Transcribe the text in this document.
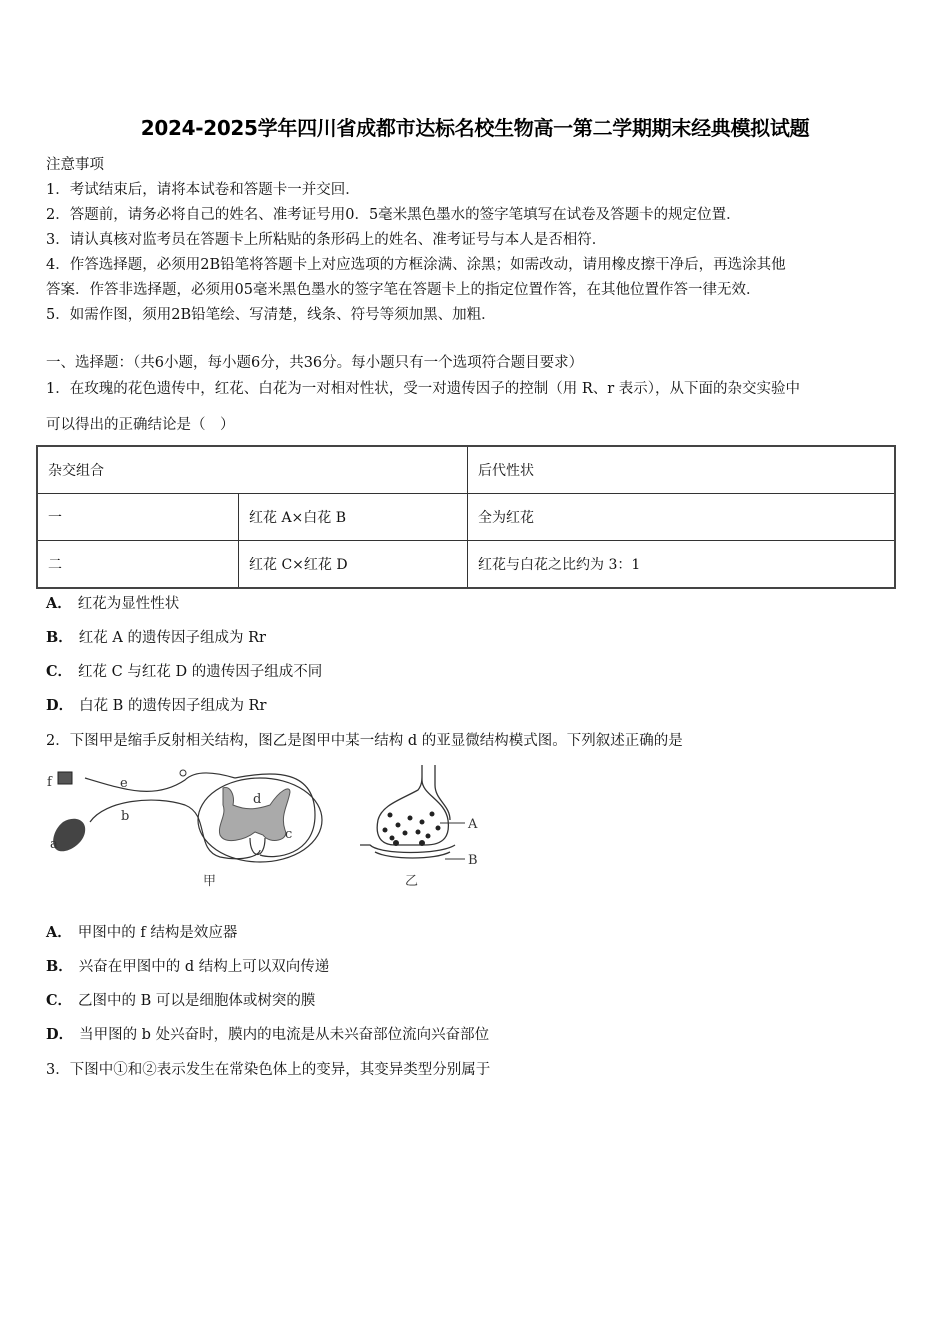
2024-2025学年四川省成都市达标名校生物高一第二学期期末经典模拟试题
注意事项
1．考试结束后，请将本试卷和答题卡一并交回．
2．答题前，请务必将自己的姓名、准考证号用0．5毫米黑色墨水的签字笔填写在试卷及答题卡的规定位置．
3．请认真核对监考员在答题卡上所粘贴的条形码上的姓名、准考证号与本人是否相符．
4．作答选择题，必须用2B铅笔将答题卡上对应选项的方框涂满、涂黑；如需改动，请用橡皮擦干净后，再选涂其他
答案．作答非选择题，必须用05毫米黑色墨水的签字笔在答题卡上的指定位置作答，在其他位置作答一律无效．
5．如需作图，须用2B铅笔绘、写清楚，线条、符号等须加黑、加粗．
一、选择题：（共6小题，每小题6分，共36分。每小题只有一个选项符合题目要求）
1．在玫瑰的花色遗传中，红花、白花为一对相对性状，受一对遗传因子的控制（用 R、r 表示），从下面的杂交实验中
可以得出的正确结论是（　）
杂交组合		后代性状
一	红花 A×白花 B	全为红花
二	红花 C×红花 D	红花与白花之比约为 3：1
A． 红花为显性性状
B． 红花 A 的遗传因子组成为 Rr
C． 红花 C 与红花 D 的遗传因子组成不同
D． 白花 B 的遗传因子组成为 Rr
2．下图甲是缩手反射相关结构，图乙是图甲中某一结构 d 的亚显微结构模式图。下列叙述正确的是
f	e
d
b
a
c
甲
A
B
乙
A． 甲图中的 f 结构是效应器
B． 兴奋在甲图中的 d 结构上可以双向传递
C． 乙图中的 B 可以是细胞体或树突的膜
D． 当甲图的 b 处兴奋时，膜内的电流是从未兴奋部位流向兴奋部位
3．下图中①和②表示发生在常染色体上的变异，其变异类型分别属于
